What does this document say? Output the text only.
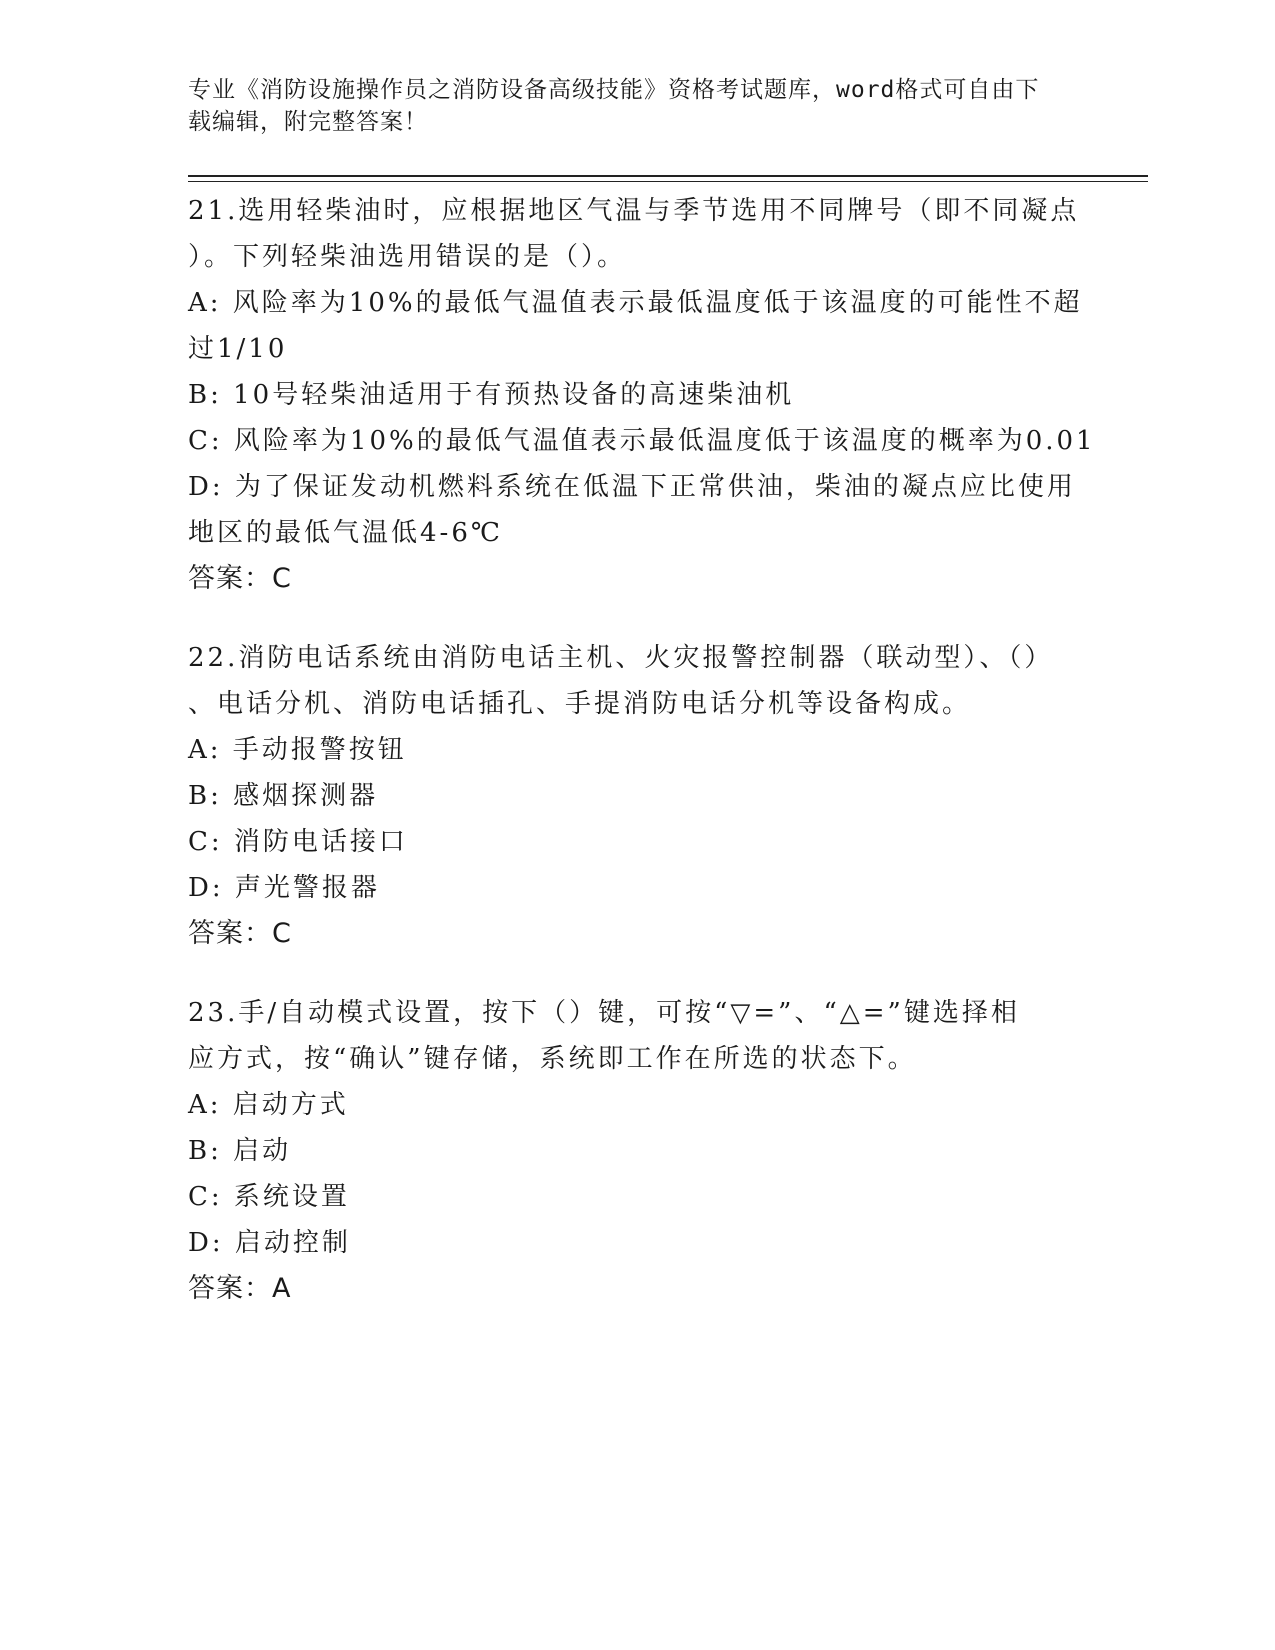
专业《消防设施操作员之消防设备高级技能》资格考试题库，word格式可自由下
载编辑，附完整答案！
21.选用轻柴油时，应根据地区气温与季节选用不同牌号（即不同凝点
）。下列轻柴油选用错误的是（）。
A: 风险率为10%的最低气温值表示最低温度低于该温度的可能性不超
过1/10
B: 10号轻柴油适用于有预热设备的高速柴油机
C: 风险率为10%的最低气温值表示最低温度低于该温度的概率为0.01
D: 为了保证发动机燃料系统在低温下正常供油，柴油的凝点应比使用
地区的最低气温低4-6℃
答案：C
22.消防电话系统由消防电话主机、火灾报警控制器（联动型）、（）
、电话分机、消防电话插孔、手提消防电话分机等设备构成。
A: 手动报警按钮
B: 感烟探测器
C: 消防电话接口
D: 声光警报器
答案：C
23.手/自动模式设置，按下（）键，可按“▽=”、“△=”键选择相
应方式，按“确认”键存储，系统即工作在所选的状态下。
A: 启动方式
B: 启动
C: 系统设置
D: 启动控制
答案：A
